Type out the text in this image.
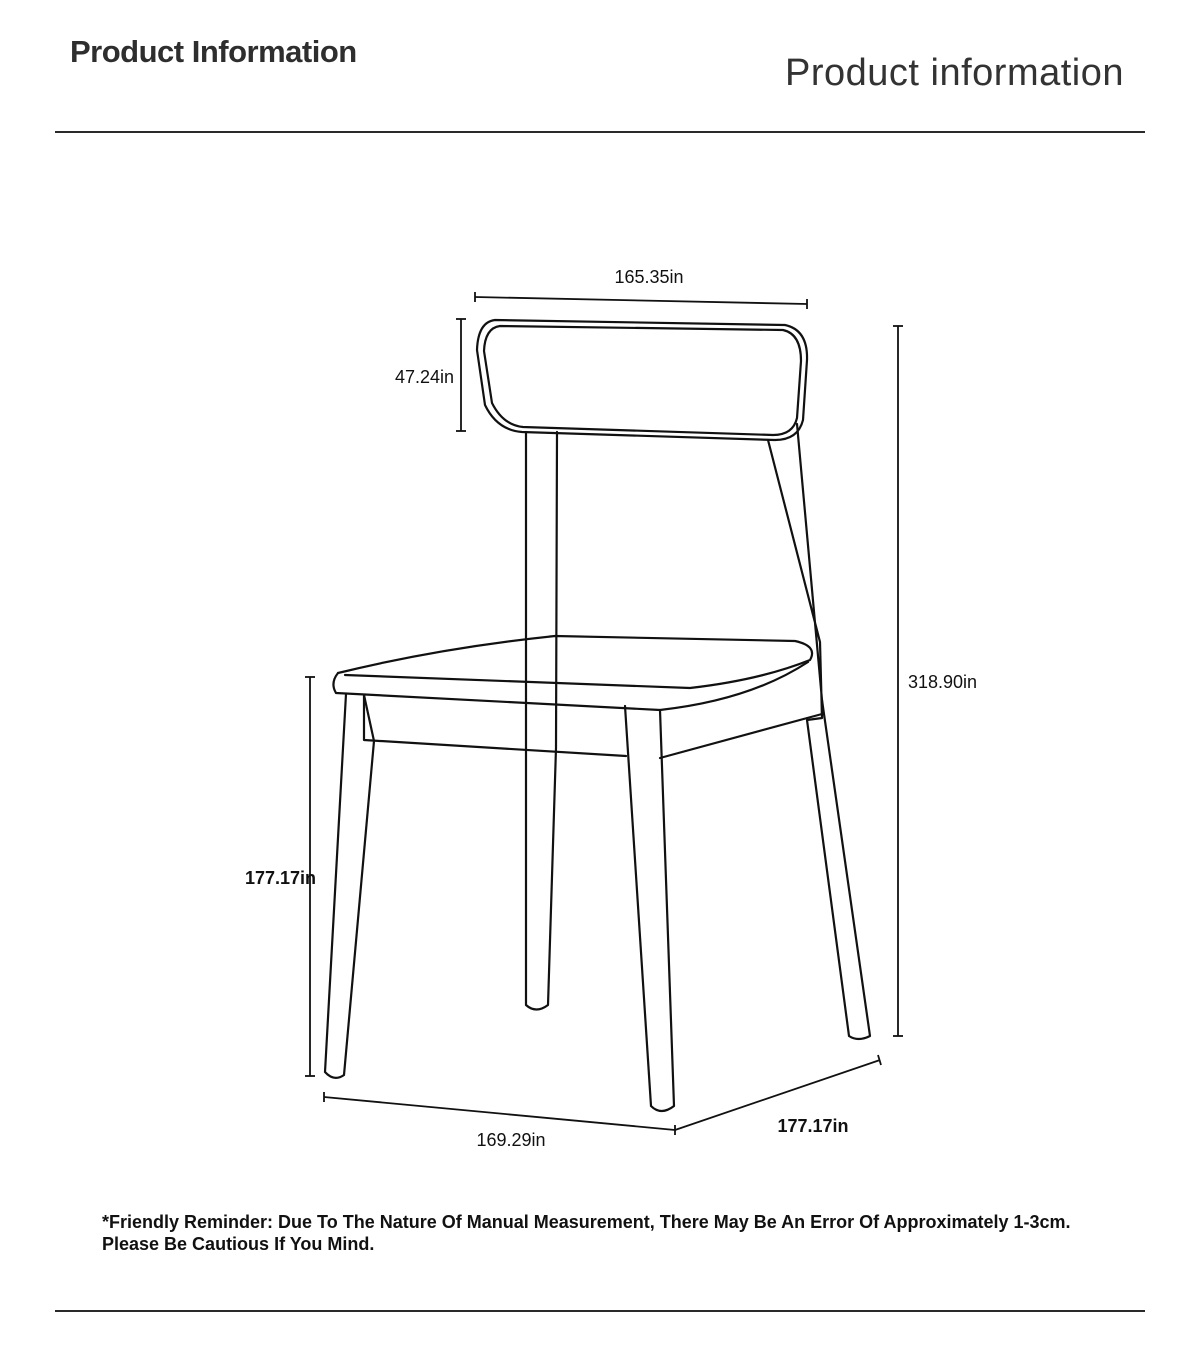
Product Information
Product information
165.35in
47.24in
318.90in
177.17in
169.29in
177.17in
*Friendly Reminder: Due To The Nature Of Manual Measurement, There May Be An Error Of Approximately 1-3cm. Please Be Cautious If You Mind.
